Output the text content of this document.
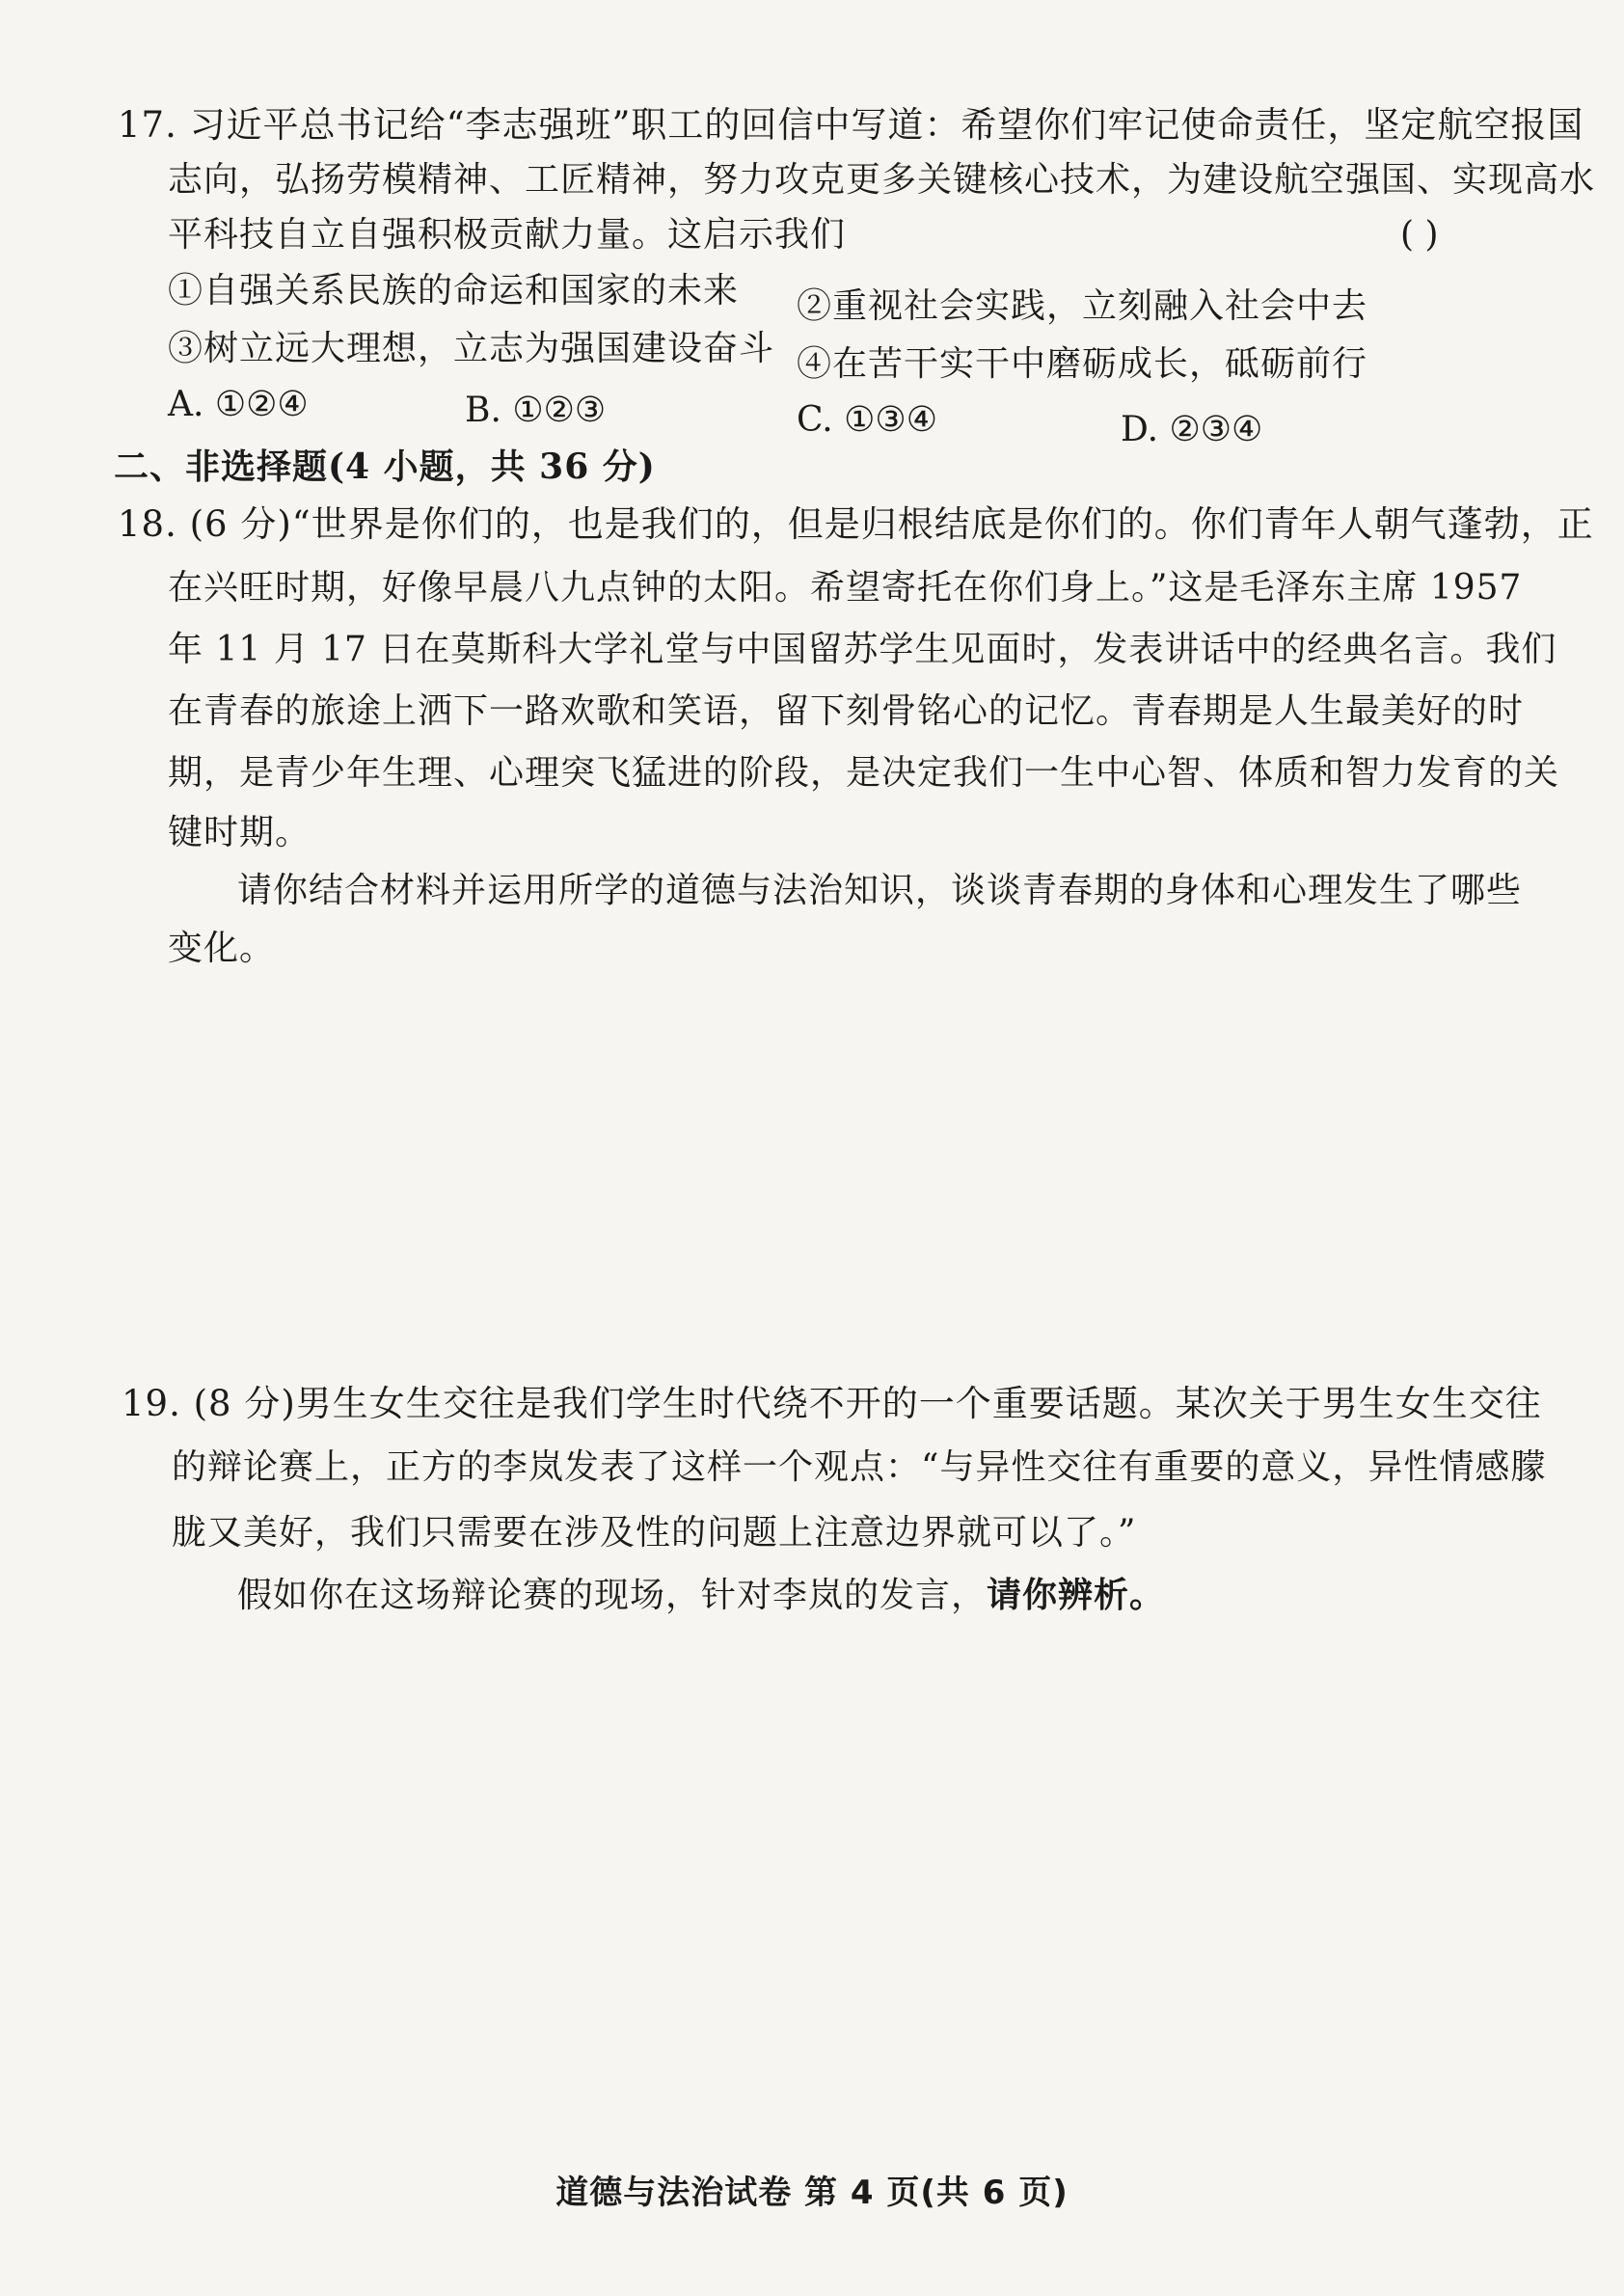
17. 习近平总书记给“李志强班”职工的回信中写道：希望你们牢记使命责任，坚定航空报国
志向，弘扬劳模精神、工匠精神，努力攻克更多关键核心技术，为建设航空强国、实现高水
平科技自立自强积极贡献力量。这启示我们	( )
①自强关系民族的命运和国家的未来 ②重视社会实践，立刻融入社会中去
③树立远大理想，立志为强国建设奋斗 ④在苦干实干中磨砺成长，砥砺前行
A. ①②④	B. ①②③	C. ①③④	D. ②③④
二、非选择题(4 小题，共 36 分)
18. (6 分)“世界是你们的，也是我们的，但是归根结底是你们的。你们青年人朝气蓬勃，正
在兴旺时期，好像早晨八九点钟的太阳。希望寄托在你们身上。”这是毛泽东主席 1957
年 11 月 17 日在莫斯科大学礼堂与中国留苏学生见面时，发表讲话中的经典名言。我们
在青春的旅途上洒下一路欢歌和笑语，留下刻骨铭心的记忆。青春期是人生最美好的时
期，是青少年生理、心理突飞猛进的阶段，是决定我们一生中心智、体质和智力发育的关
键时期。
请你结合材料并运用所学的道德与法治知识，谈谈青春期的身体和心理发生了哪些
变化。
19. (8 分)男生女生交往是我们学生时代绕不开的一个重要话题。某次关于男生女生交往
的辩论赛上，正方的李岚发表了这样一个观点：“与异性交往有重要的意义，异性情感朦
胧又美好，我们只需要在涉及性的问题上注意边界就可以了。”
假如你在这场辩论赛的现场，针对李岚的发言，请你辨析。
道德与法治试卷 第 4 页(共 6 页)
